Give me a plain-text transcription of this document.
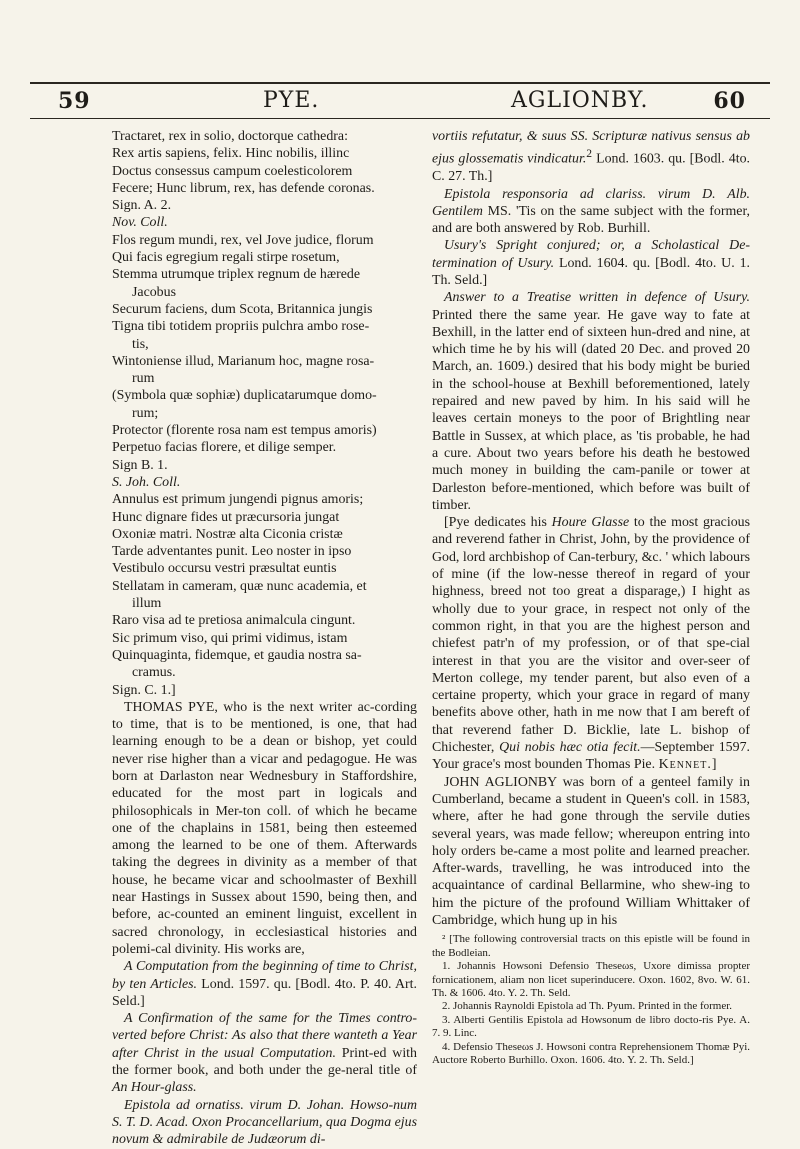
59	PYE.	AGLIONBY.	60

Tractaret, rex in solio, doctorque cathedra:

Rex artis sapiens, felix. Hinc nobilis, illinc

Doctus consessus campum coelesticolorem

Fecere; Hunc librum, rex, has defende coronas.

Sign. A. 2.

Nov. Coll.

Flos regum mundi, rex, vel Jove judice, florum

Qui facis egregium regali stirpe rosetum,

Stemma utrumque triplex regnum de hærede

Jacobus

Securum faciens, dum Scota, Britannica jungis

Tigna tibi totidem propriis pulchra ambo rose-

tis,

Wintoniense illud, Marianum hoc, magne rosa-

rum

(Symbola quæ sophiæ) duplicatarumque domo-

rum;

Protector (florente rosa nam est tempus amoris)

Perpetuo facias florere, et dilige semper.

Sign B. 1.

S. Joh. Coll.

Annulus est primum jungendi pignus amoris;

Hunc dignare fides ut præcursoria jungat

Oxoniæ matri. Nostræ alta Ciconia cristæ

Tarde adventantes punit. Leo noster in ipso

Vestibulo occursu vestri præsultat euntis

Stellatam in cameram, quæ nunc academia, et

illum

Raro visa ad te pretiosa animalcula cingunt.

Sic primum viso, qui primi vidimus, istam

Quinquaginta, fidemque, et gaudia nostra sa-

cramus.

Sign. C. 1.]

THOMAS PYE, who is the next writer ac-cording to time, that is to be mentioned, is one, that had learning enough to be a dean or bishop, yet could never rise higher than a vicar and pedagogue. He was born at Darlaston near Wednesbury in Staffordshire, educated for the most part in logicals and philosophicals in Mer-ton coll. of which he became one of the chaplains in 1581, being then esteemed among the learned to be one of them. Afterwards taking the degrees in divinity as a member of that house, he became vicar and schoolmaster of Bexhill near Hastings in Sussex about 1590, being then, and before, ac-counted an eminent linguist, excellent in sacred chronology, in ecclesiastical histories and polemi-cal divinity. His works are,

A Computation from the beginning of time to Christ, by ten Articles. Lond. 1597. qu. [Bodl. 4to. P. 40. Art. Seld.]

A Confirmation of the same for the Times contro-verted before Christ: As also that there wanteth a Year after Christ in the usual Computation. Print-ed with the former book, and both under the ge-neral title of An Hour-glass.

Epistola ad ornatiss. virum D. Johan. Howso-num S. T. D. Acad. Oxon Procancellarium, qua Dogma ejus novum & admirabile de Judæorum di-

vortiis refutatur, & suus SS. Scripturæ nativus sensus ab ejus glossematis vindicatur.$^2$ Lond. 1603. qu. [Bodl. 4to. C. 27. Th.]

Epistola responsoria ad clariss. virum D. Alb. Gentilem MS. 'Tis on the same subject with the former, and are both answered by Rob. Burhill.

Usury's Spright conjured; or, a Scholastical De-termination of Usury. Lond. 1604. qu. [Bodl. 4to. U. 1. Th. Seld.]

Answer to a Treatise written in defence of Usury. Printed there the same year. He gave way to fate at Bexhill, in the latter end of sixteen hun-dred and nine, at which time he by his will (dated 20 Dec. and proved 20 March, an. 1609.) desired that his body might be buried in the school-house at Bexhill beforementioned, lately repaired and new paved by him. In his said will he leaves certain moneys to the poor of Brightling near Battle in Sussex, at which place, as 'tis probable, he had a cure. About two years before his death he bestowed much money in building the cam-panile or tower at Darleston before-mentioned, which before was built of timber.

[Pye dedicates his Houre Glasse to the most gracious and reverend father in Christ, John, by the providence of God, lord archbishop of Can-terbury, &c. ' which labours of mine (if the low-nesse thereof in regard of your highness, breed not too great a disparage,) I hight as wholly due to your grace, in respect not only of the common right, in that you are the highest person and chiefest patr'n of my profession, or of that spe-cial interest in that you are the visitor and over-seer of Merton college, my tender parent, but also even of a certaine property, which your grace in regard of many benefits above other, hath in me now that I am bereft of that reverend father D. Bicklie, late L. bishop of Chichester, Qui nobis hæc otia fecit.—September 1597. Your grace's most bounden Thomas Pie. Kennet.]

JOHN AGLIONBY was born of a genteel family in Cumberland, became a student in Queen's coll. in 1583, where, after he had gone through the servile duties several years, was made fellow; whereupon entring into holy orders be-came a most polite and learned preacher. After-wards, travelling, he was introduced into the acquaintance of cardinal Bellarmine, who shew-ing to him the picture of the profound William Whittaker of Cambridge, which hung up in his

² [The following controversial tracts on this epistle will be found in the Bodleian.

1. Johannis Howsoni Defensio Theseωs, Uxore dimissa propter fornicationem, aliam non licet superinducere. Oxon. 1602, 8vo. W. 61. Th. & 1606. 4to. Y. 2. Th. Seld.

2. Johannis Raynoldi Epistola ad Th. Pyum. Printed in the former.

3. Alberti Gentilis Epistola ad Howsonum de libro docto-ris Pye. A. 7. 9. Linc.

4. Defensio Theseωs J. Howsoni contra Reprehensionem Thomæ Pyi. Auctore Roberto Burhillo. Oxon. 1606. 4to. Y. 2. Th. Seld.]
